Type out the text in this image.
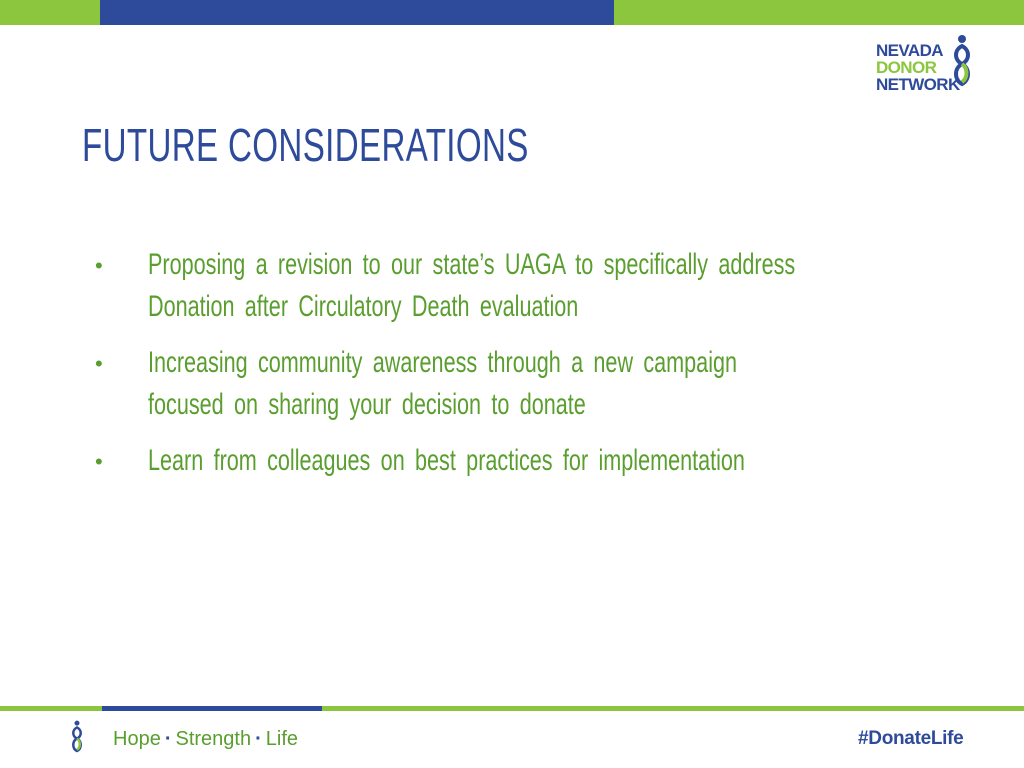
NEVADA
DONOR
NETWORK
FUTURE CONSIDERATIONS
•	Proposing a revision to our state’s UAGA to specifically address
Donation after Circulatory Death evaluation
•	Increasing community awareness through a new campaign
focused on sharing your decision to donate
•	Learn from colleagues on best practices for implementation
Hope · Strength · Life	#DonateLife
